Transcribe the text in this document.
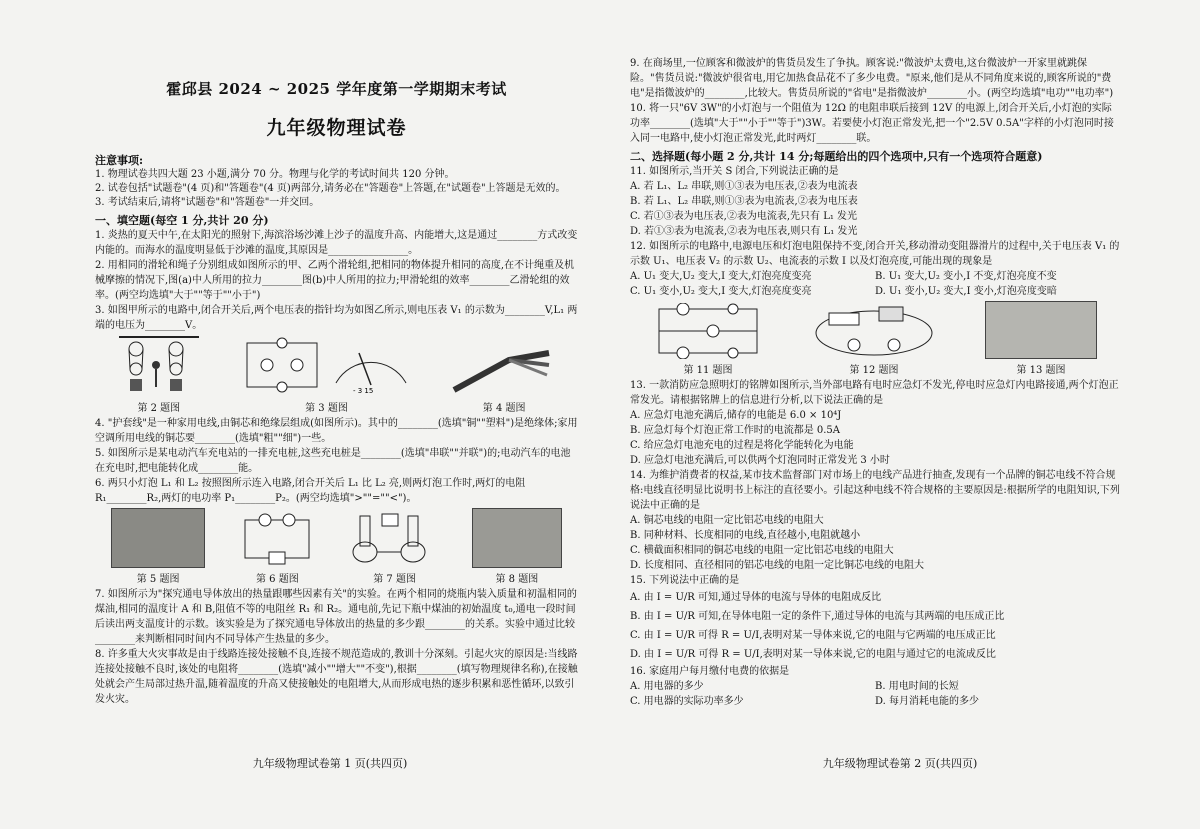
霍邱县 2024 ~ 2025 学年度第一学期期末考试
九年级物理试卷
注意事项:

1. 物理试卷共四大题 23 小题,满分 70 分。物理与化学的考试时间共 120 分钟。

2. 试卷包括"试题卷"(4 页)和"答题卷"(4 页)两部分,请务必在"答题卷"上答题,在"试题卷"上答题是无效的。

3. 考试结束后,请将"试题卷"和"答题卷"一并交回。

一、填空题(每空 1 分,共计 20 分)

1. 炎热的夏天中午,在太阳光的照射下,海滨浴场沙滩上沙子的温度升高、内能增大,这是通过________方式改变内能的。而海水的温度明显低于沙滩的温度,其原因是________________。

2. 用相同的滑轮和绳子分别组成如图所示的甲、乙两个滑轮组,把相同的物体提升相同的高度,在不计绳重及机械摩擦的情况下,图(a)中人所用的拉力________图(b)中人所用的拉力;甲滑轮组的效率________乙滑轮组的效率。(两空均选填"大于""等于""小于")

3. 如图甲所示的电路中,闭合开关后,两个电压表的指针均为如图乙所示,则电压表 V₁ 的示数为________V,L₁ 两端的电压为________V。

第 2 题图
- 3 15
第 3 题图	第 4 题图

4. "护套线"是一种家用电线,由铜芯和绝缘层组成(如图所示)。其中的________(选填"铜""塑料")是绝缘体;家用空调所用电线的铜芯要________(选填"粗""细")一些。

5. 如图所示是某电动汽车充电站的一排充电桩,这些充电桩是________(选填"串联""并联")的;电动汽车的电池在充电时,把电能转化成________能。

6. 两只小灯泡 L₁ 和 L₂ 按照图所示连入电路,闭合开关后 L₁ 比 L₂ 亮,则两灯泡工作时,两灯的电阻 R₁________R₂,两灯的电功率 P₁________P₂。(两空均选填">""=""<")。

第 5 题图	第 6 题图	第 7 题图	第 8 题图

7. 如图所示为"探究通电导体放出的热量跟哪些因素有关"的实验。在两个相同的烧瓶内装入质量和初温相同的煤油,相同的温度计 A 和 B,阻值不等的电阻丝 R₁ 和 R₂。通电前,先记下瓶中煤油的初始温度 t₀,通电一段时间后读出两支温度计的示数。该实验是为了探究通电导体放出的热量的多少跟________的关系。实验中通过比较________来判断相同时间内不同导体产生热量的多少。

8. 许多重大火灾事故是由于线路连接处接触不良,连接不规范造成的,教训十分深刻。引起火灾的原因是:当线路连接处接触不良时,该处的电阻将________(选填"减小""增大""不变"),根据________(填写物理规律名称),在接触处就会产生局部过热升温,随着温度的升高又使接触处的电阻增大,从而形成电热的逐步积累和恶性循环,以致引发火灾。

九年级物理试卷第 1 页(共四页)

9. 在商场里,一位顾客和微波炉的售货员发生了争执。顾客说:"微波炉太费电,这台微波炉一开家里就跳保险。"售货员说:"微波炉很省电,用它加热食品花不了多少电费。"原来,他们是从不同角度来说的,顾客所说的"费电"是指微波炉的________,比较大。售货员所说的"省电"是指微波炉________小。(两空均选填"电功""电功率")

10. 将一只"6V 3W"的小灯泡与一个阻值为 12Ω 的电阻串联后接到 12V 的电源上,闭合开关后,小灯泡的实际功率________(选填"大于""小于""等于")3W。若要使小灯泡正常发光,把一个"2.5V 0.5A"字样的小灯泡同时接入同一电路中,使小灯泡正常发光,此时两灯________联。

二、选择题(每小题 2 分,共计 14 分;每题给出的四个选项中,只有一个选项符合题意)

11. 如图所示,当开关 S 闭合,下列说法正确的是

A. 若 L₁、L₂ 串联,则①③表为电压表,②表为电流表
B. 若 L₁、L₂ 串联,则①③表为电流表,②表为电压表
C. 若①③表为电压表,②表为电流表,先只有 L₁ 发光
D. 若①③表为电流表,②表为电压表,则只有 L₁ 发光

12. 如图所示的电路中,电源电压和灯泡电阻保持不变,闭合开关,移动滑动变阻器滑片的过程中,关于电压表 V₁ 的示数 U₁、电压表 V₂ 的示数 U₂、电流表的示数 I 以及灯泡亮度,可能出现的现象是

A. U₁ 变大,U₂ 变大,I 变大,灯泡亮度变亮	B. U₁ 变大,U₂ 变小,I 不变,灯泡亮度不变
C. U₁ 变小,U₂ 变大,I 变大,灯泡亮度变亮	D. U₁ 变小,U₂ 变大,I 变小,灯泡亮度变暗
第 11 题图	第 12 题图	第 13 题图

13. 一款消防应急照明灯的铭牌如图所示,当外部电路有电时应急灯不发光,停电时应急灯内电路接通,两个灯泡正常发光。请根据铭牌上的信息进行分析,以下说法正确的是

A. 应急灯电池充满后,储存的电能是 6.0 × 10⁴J
B. 应急灯每个灯泡正常工作时的电流都是 0.5A
C. 给应急灯电池充电的过程是将化学能转化为电能
D. 应急灯电池充满后,可以供两个灯泡同时正常发光 3 小时

14. 为维护消费者的权益,某市技术监督部门对市场上的电线产品进行抽查,发现有一个品牌的铜芯电线不符合规格:电线直径明显比说明书上标注的直径要小。引起这种电线不符合规格的主要原因是:根据所学的电阻知识,下列说法中正确的是

A. 铜芯电线的电阻一定比铝芯电线的电阻大
B. 同种材料、长度相同的电线,直径越小,电阻就越小
C. 横截面积相同的铜芯电线的电阻一定比铝芯电线的电阻大
D. 长度相同、直径相同的铝芯电线的电阻一定比铜芯电线的电阻大

15. 下列说法中正确的是

A. 由 I = U/R 可知,通过导体的电流与导体的电阻成反比
B. 由 I = U/R 可知,在导体电阻一定的条件下,通过导体的电流与其两端的电压成正比
C. 由 I = U/R 可得 R = U/I,表明对某一导体来说,它的电阻与它两端的电压成正比
D. 由 I = U/R 可得 R = U/I,表明对某一导体来说,它的电阻与通过它的电流成反比

16. 家庭用户每月缴付电费的依据是

A. 用电器的多少	B. 用电时间的长短
C. 用电器的实际功率多少	D. 每月消耗电能的多少
九年级物理试卷第 2 页(共四页)
